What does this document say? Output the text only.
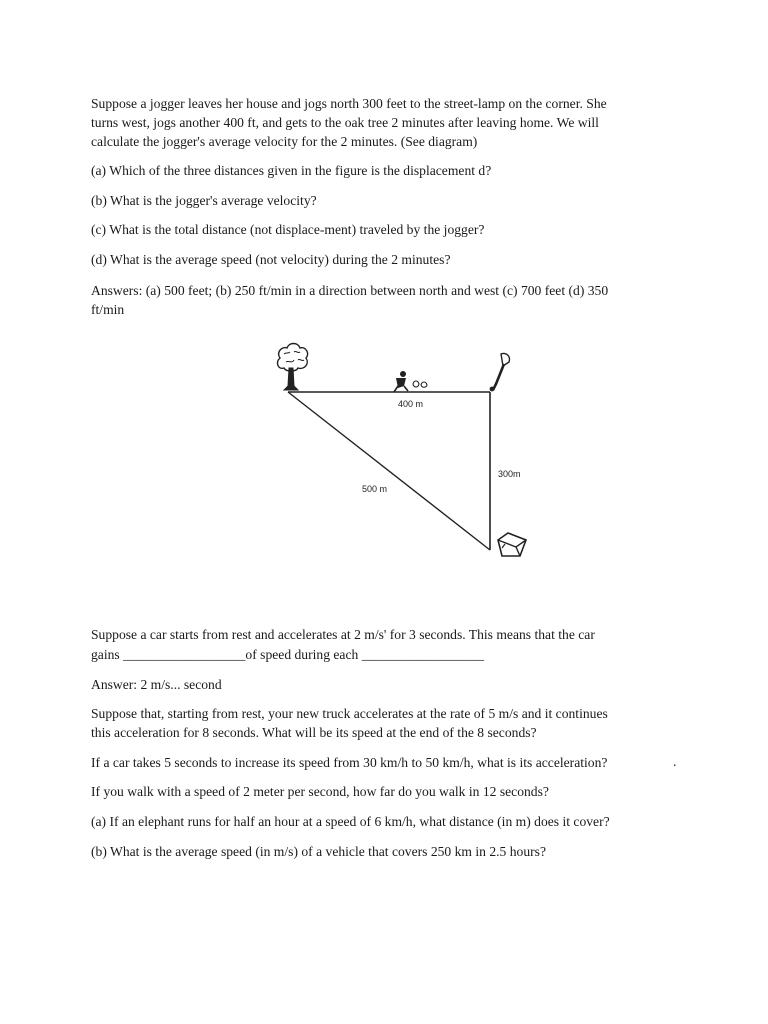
Suppose a jogger leaves her house and jogs north 300 feet to the street-lamp on the corner. She

turns west, jogs another 400 ft, and gets to the oak tree 2 minutes after leaving home. We will

calculate the jogger's average velocity for the 2 minutes. (See diagram)

(a) Which of the three distances given in the figure is the displacement d?

(b) What is the jogger's average velocity?

(c) What is the total distance (not displace-ment) traveled by the jogger?

(d) What is the average speed (not velocity) during the 2 minutes?

Answers: (a) 500 feet; (b) 250 ft/min in a direction between north and west (c) 700 feet (d) 350

ft/min

400 m
300m
500 m

Suppose a car starts from rest and accelerates at 2 m/s' for 3 seconds. This means that the car

gains __________________of speed during each __________________

Answer: 2 m/s... second

Suppose that, starting from rest, your new truck accelerates at the rate of 5 m/s and it continues

this acceleration for 8 seconds. What will be its speed at the end of the 8 seconds?

If a car takes 5 seconds to increase its speed from 30 km/h to 50 km/h, what is its acceleration?	.

If you walk with a speed of 2 meter per second, how far do you walk in 12 seconds?

(a) If an elephant runs for half an hour at a speed of 6 km/h, what distance (in m) does it cover?

(b) What is the average speed (in m/s) of a vehicle that covers 250 km in 2.5 hours?
